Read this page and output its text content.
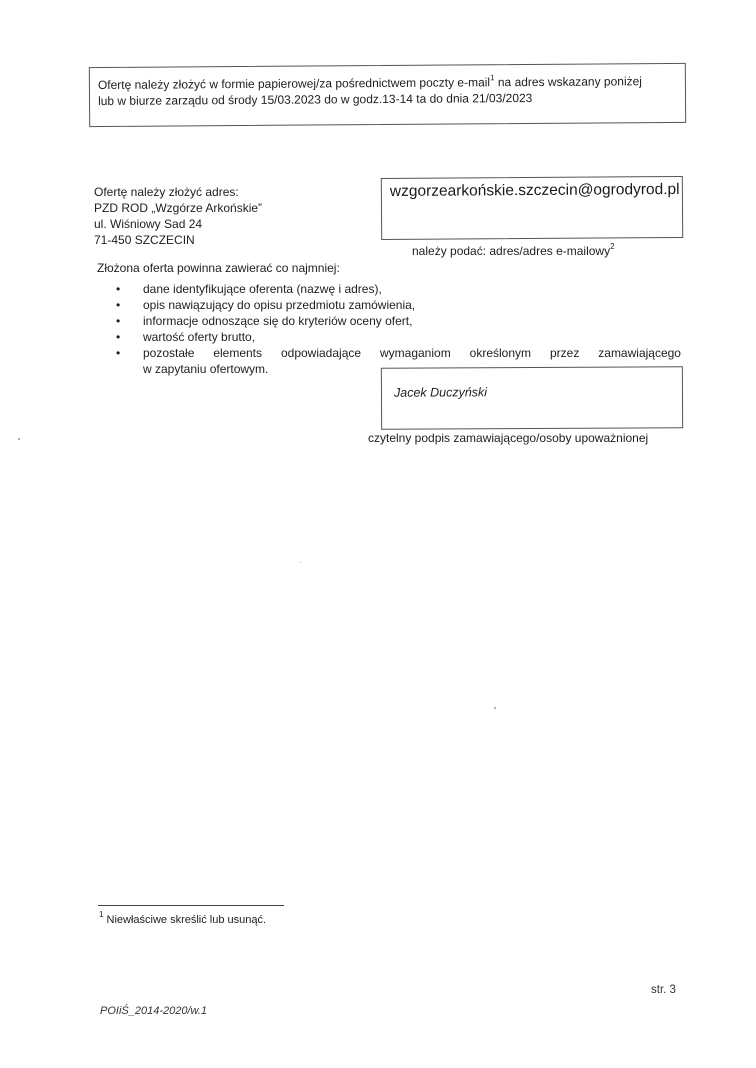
Ofertę należy złożyć w formie papierowej/za pośrednictwem poczty e-mail$^1$ na adres wskazany poniżej
lub w biurze zarządu od środy 15/03.2023 do w godz.13-14 ta do dnia 21/03/2023
Ofertę należy złożyć adres:
PZD ROD „Wzgórze Arkońskie”
ul. Wiśniowy Sad 24
71-450 SZCZECIN
wzgorzearkońskie.szczecin@ogrodyrod.pl
należy podać: adres/adres e-mailowy$^2$
Złożona oferta powinna zawierać co najmniej:
• dane identyfikujące oferenta (nazwę i adres),
• opis nawiązujący do opisu przedmiotu zamówienia,
• informacje odnoszące się do kryteriów oceny ofert,
• wartość oferty brutto,
• pozostałe elements odpowiadające wymaganiom określonym przez zamawiającego
w zapytaniu ofertowym.
Jacek Duczyński
czytelny podpis zamawiającego/osoby upoważnionej
$^1$ Niewłaściwe skreślić lub usunąć.
str. 3
POIiŚ_2014-2020/w.1
